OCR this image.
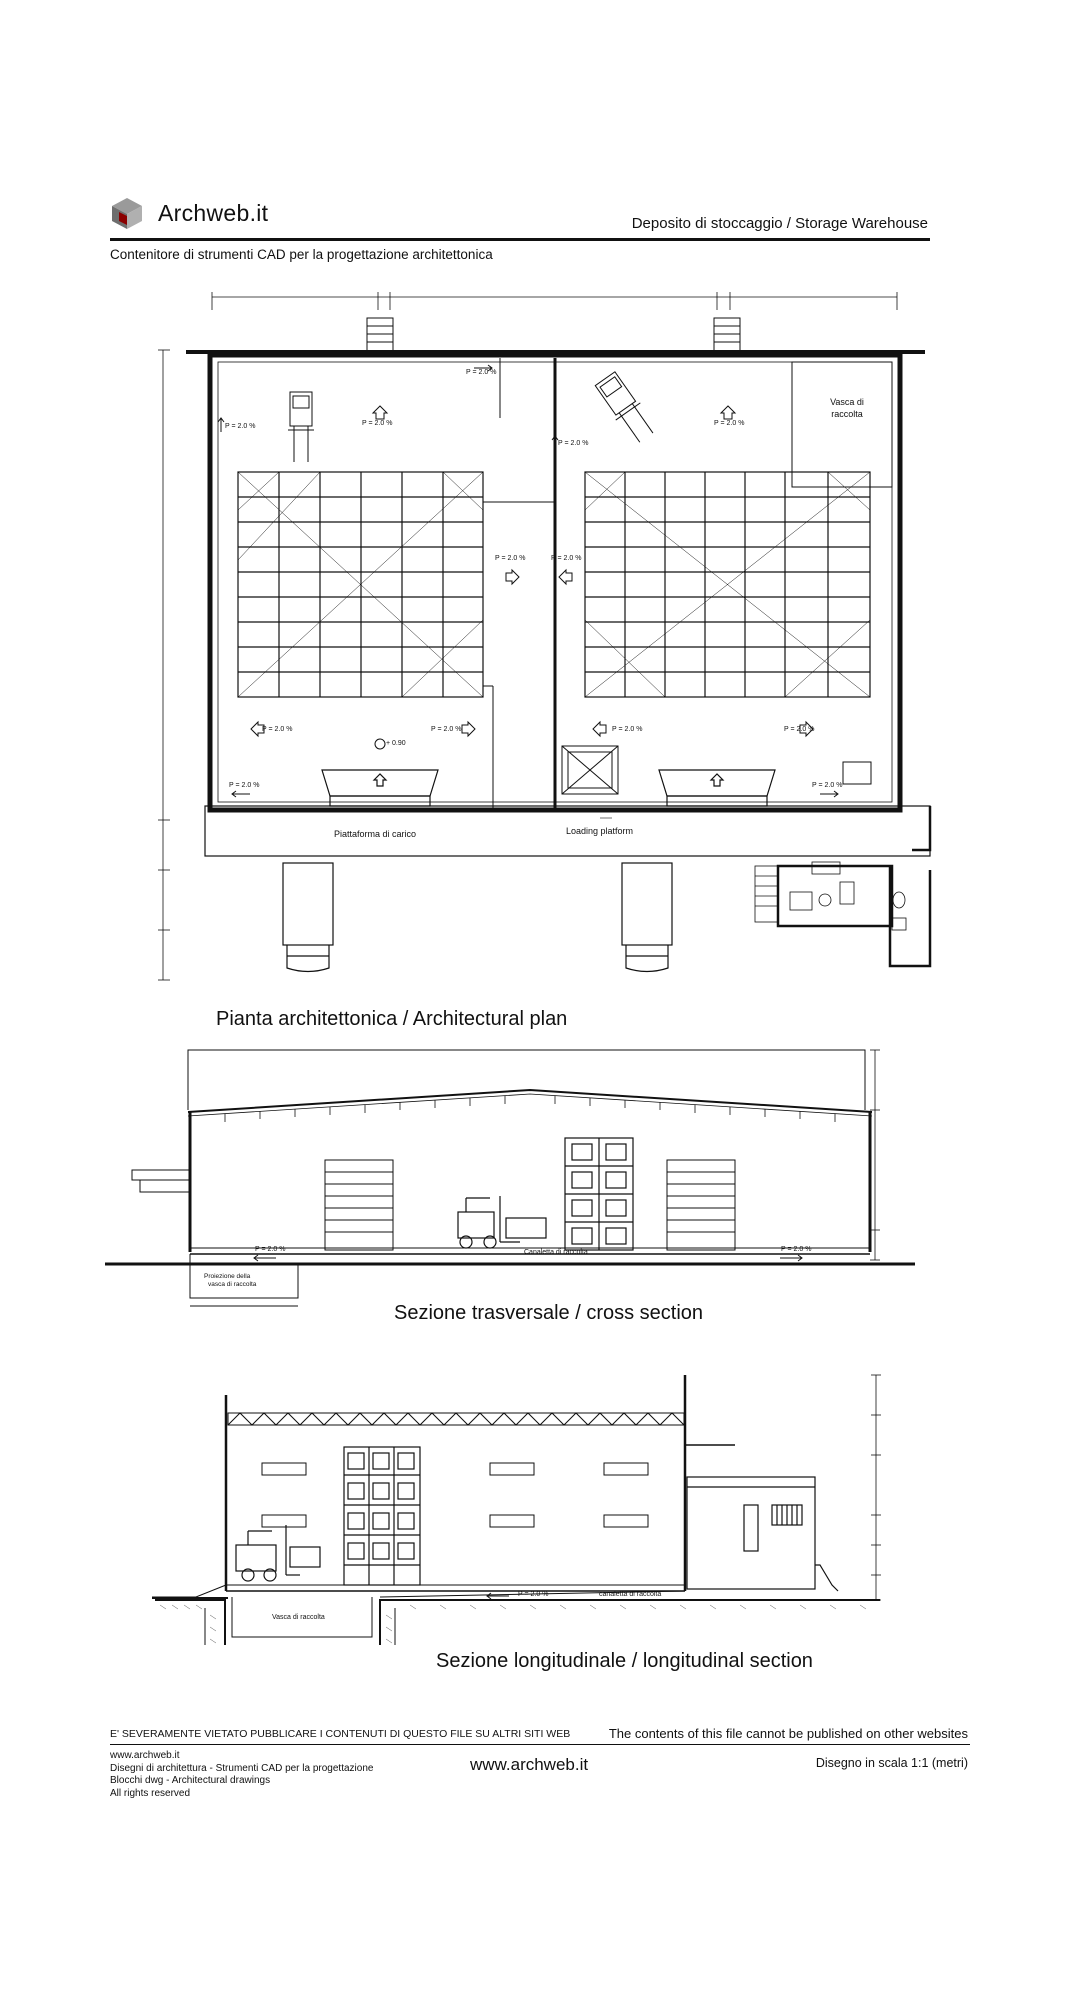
Archweb.it	Deposito di stoccaggio / Storage Warehouse
Contenitore di strumenti CAD per la progettazione architettonica
Vasca di
raccolta
P = 2.0 %
P = 2.0 %	P = 2.0 %	P = 2.0 %
P = 2.0 %
P = 2.0 %	P = 2.0 %
P = 2.0 %	P = 2.0 %	P = 2.0 %	P = 2.0 %
P = 2.0 %	P = 2.0 %
+ 0.90
Piattaforma di carico	Loading platform
Pianta architettonica / Architectural plan
P = 2.0 %	P = 2.0 %
Canaletta di raccolta
Proiezione della
vasca di raccolta
Sezione trasversale / cross section
Vasca di raccolta
P = 2.0 %	canaletta di raccolta
Sezione longitudinale / longitudinal section
E' SEVERAMENTE VIETATO PUBBLICARE I CONTENUTI DI QUESTO FILE SU ALTRI SITI WEB	The contents of this file cannot be published on other websites
www.archweb.it
Disegni di architettura - Strumenti CAD per la progettazione
Blocchi dwg - Architectural drawings
All rights reserved
www.archweb.it	Disegno in scala 1:1 (metri)
